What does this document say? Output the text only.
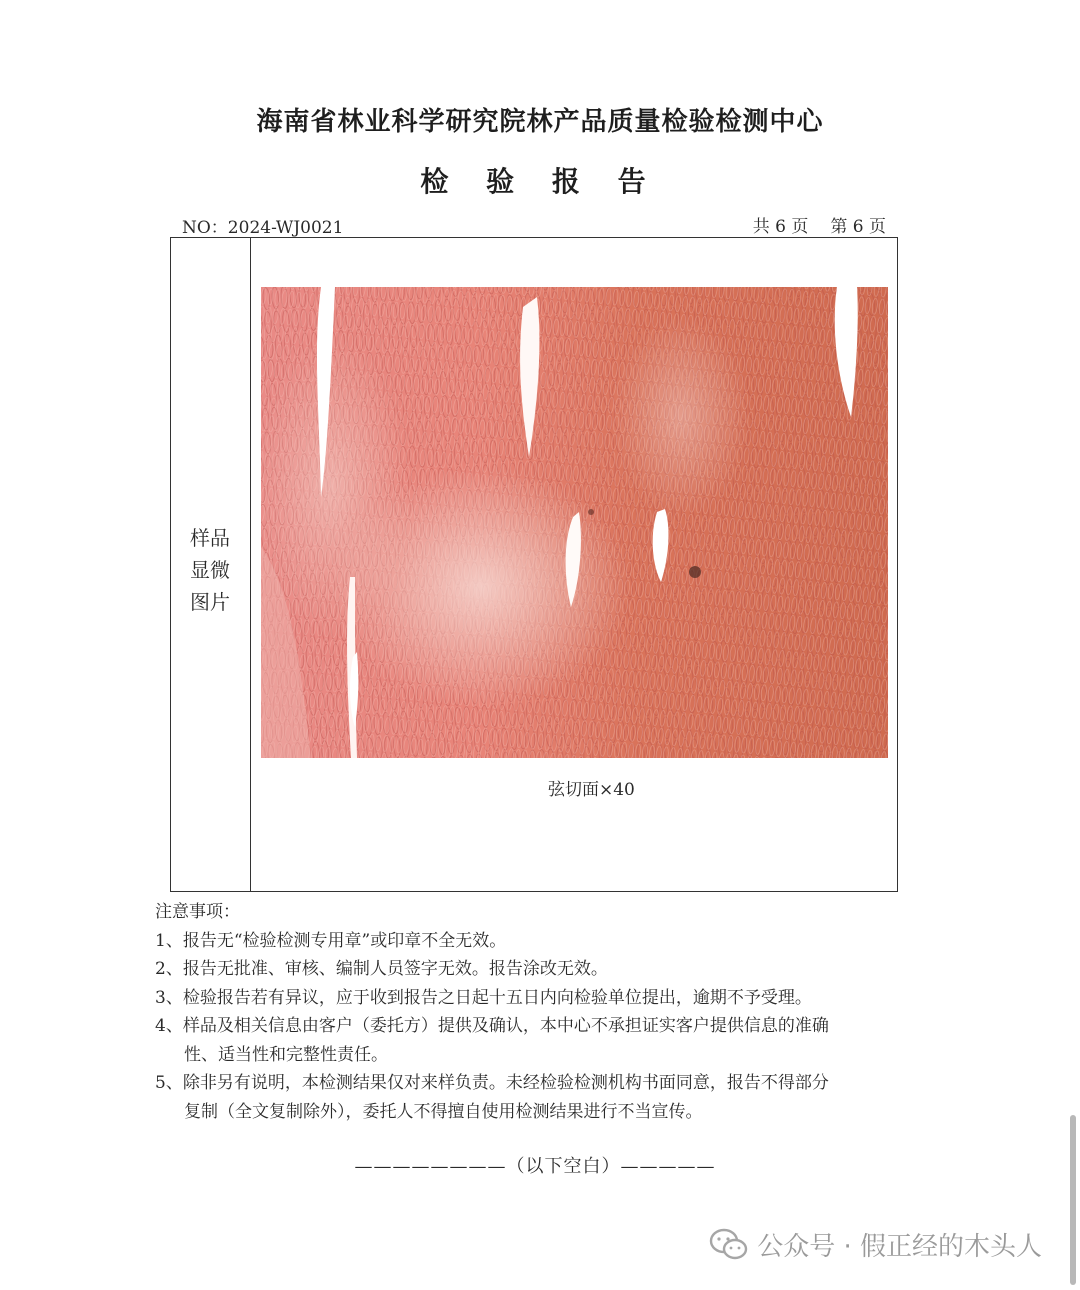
海南省林业科学研究院林产品质量检验检测中心
检 验 报 告
NO：2024-WJ0021	共 6 页 第 6 页
样品
显微
图片
弦切面×40
注意事项：
1、报告无“检验检测专用章”或印章不全无效。
2、报告无批准、审核、编制人员签字无效。报告涂改无效。
3、检验报告若有异议，应于收到报告之日起十五日内向检验单位提出，逾期不予受理。
4、样品及相关信息由客户（委托方）提供及确认，本中心不承担证实客户提供信息的准确
性、适当性和完整性责任。
5、除非另有说明，本检测结果仅对来样负责。未经检验检测机构书面同意，报告不得部分
复制（全文复制除外），委托人不得擅自使用检测结果进行不当宣传。
————————（以下空白）—————
公众号 · 假正经的木头人
